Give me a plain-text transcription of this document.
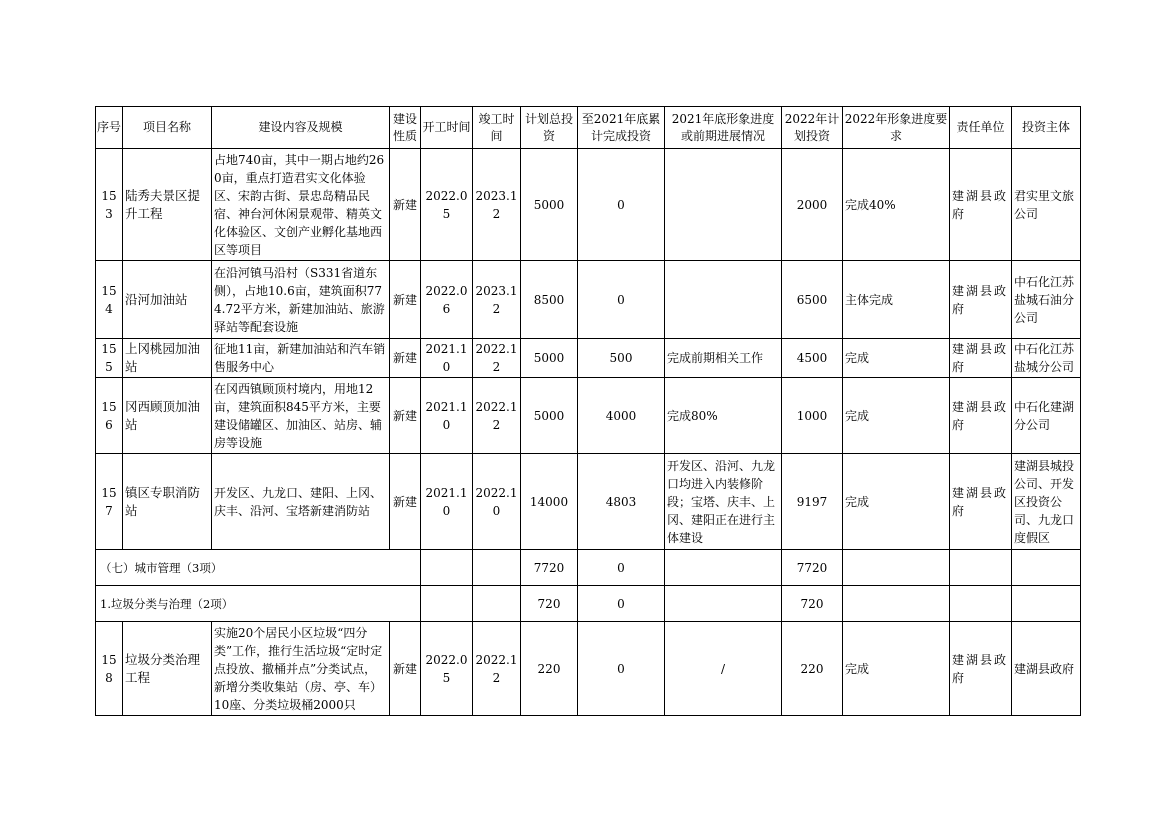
序号	项目名称	建设内容及规模	建设性质	开工时间	竣工时间	计划总投资	至2021年底累计完成投资	2021年底形象进度或前期进展情况	2022年计划投资	2022年形象进度要求	责任单位	投资主体
153	陆秀夫景区提升工程	占地740亩，其中一期占地约260亩，重点打造君实文化体验区、宋韵古街、景忠岛精品民宿、神台河休闲景观带、精英文化体验区、文创产业孵化基地西区等项目	新建	2022.05	2023.12	5000	0		2000	完成40%	建湖县政府	君实里文旅公司
154	沿河加油站	在沿河镇马沿村（S331省道东侧），占地10.6亩，建筑面积774.72平方米，新建加油站、旅游驿站等配套设施	新建	2022.06	2023.12	8500	0		6500	主体完成	建湖县政府	中石化江苏盐城石油分公司
155	上冈桃园加油站	征地11亩，新建加油站和汽车销售服务中心	新建	2021.10	2022.12	5000	500	完成前期相关工作	4500	完成	建湖县政府	中石化江苏盐城分公司
156	冈西顾顶加油站	在冈西镇顾顶村境内，用地12亩，建筑面积845平方米，主要建设储罐区、加油区、站房、辅房等设施	新建	2021.10	2022.12	5000	4000	完成80%	1000	完成	建湖县政府	中石化建湖分公司
157	镇区专职消防站	开发区、九龙口、建阳、上冈、庆丰、沿河、宝塔新建消防站	新建	2021.10	2022.10	14000	4803	开发区、沿河、九龙口均进入内装修阶段；宝塔、庆丰、上冈、建阳正在进行主体建设	9197	完成	建湖县政府	建湖县城投公司、开发区投资公司、九龙口度假区
（七）城市管理（3项）						7720	0		7720			
1.垃圾分类与治理（2项）						720	0		720			
158	垃圾分类治理工程	实施20个居民小区垃圾“四分类”工作，推行生活垃圾“定时定点投放、撤桶并点”分类试点，新增分类收集站（房、亭、车）10座、分类垃圾桶2000只	新建	2022.05	2022.12	220	0	/	220	完成	建湖县政府	建湖县政府
